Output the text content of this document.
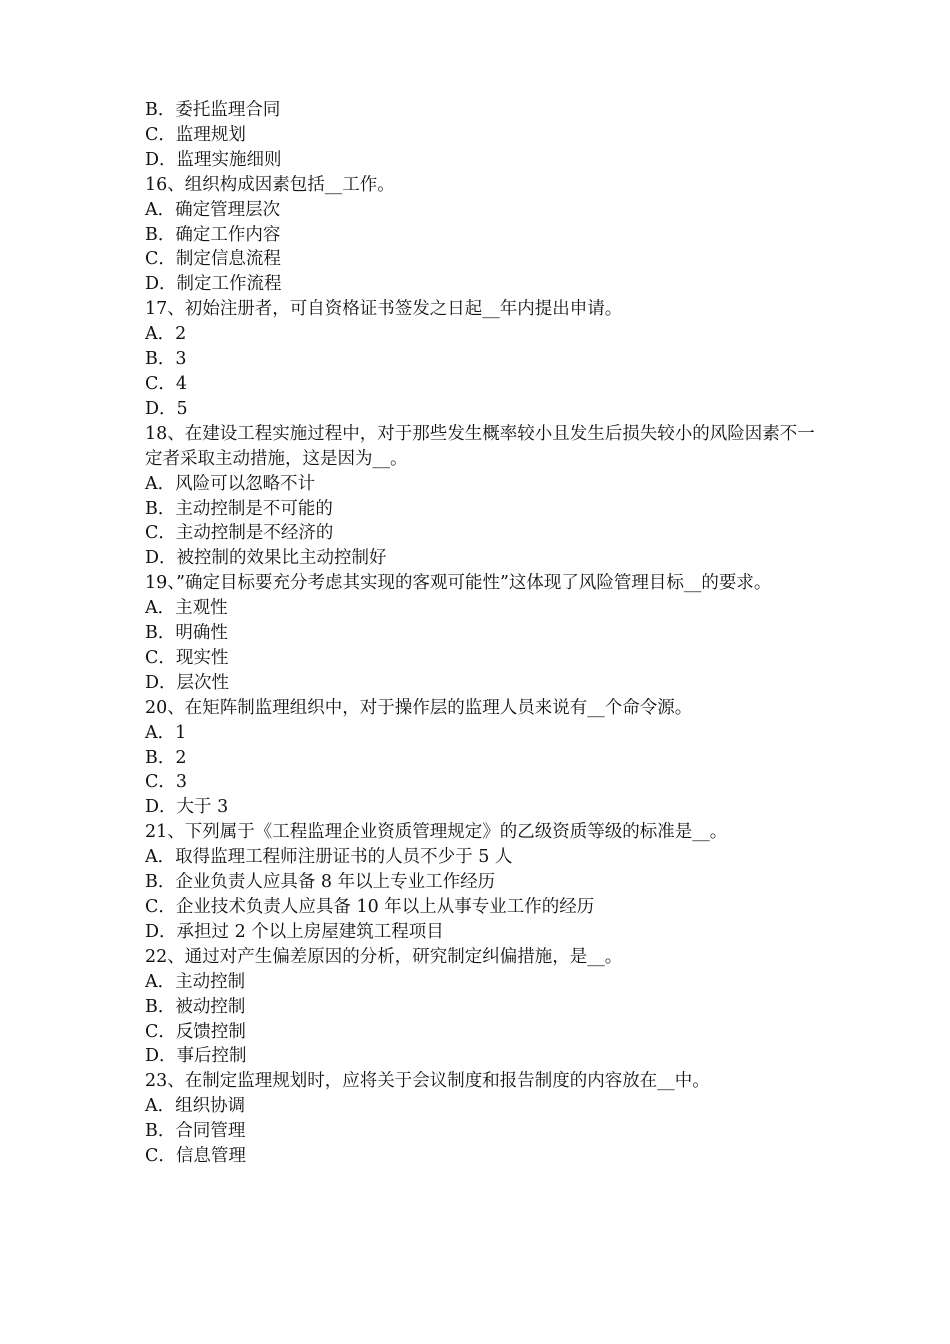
B．委托监理合同

C．监理规划

D．监理实施细则

16、组织构成因素包括__工作。

A．确定管理层次

B．确定工作内容

C．制定信息流程

D．制定工作流程

17、初始注册者，可自资格证书签发之日起__年内提出申请。

A．2

B．3

C．4

D．5

18、在建设工程实施过程中，对于那些发生概率较小且发生后损失较小的风险因素不一定者采取主动措施，这是因为__。

A．风险可以忽略不计

B．主动控制是不可能的

C．主动控制是不经济的

D．被控制的效果比主动控制好

19、”确定目标要充分考虑其实现的客观可能性”这体现了风险管理目标__的要求。

A．主观性

B．明确性

C．现实性

D．层次性

20、在矩阵制监理组织中，对于操作层的监理人员来说有__个命令源。

A．1

B．2

C．3

D．大于 3

21、下列属于《工程监理企业资质管理规定》的乙级资质等级的标准是__。

A．取得监理工程师注册证书的人员不少于 5 人

B．企业负责人应具备 8 年以上专业工作经历

C．企业技术负责人应具备 10 年以上从事专业工作的经历

D．承担过 2 个以上房屋建筑工程项目

22、通过对产生偏差原因的分析，研究制定纠偏措施，是__。

A．主动控制

B．被动控制

C．反馈控制

D．事后控制

23、在制定监理规划时，应将关于会议制度和报告制度的内容放在__中。

A．组织协调

B．合同管理

C．信息管理
